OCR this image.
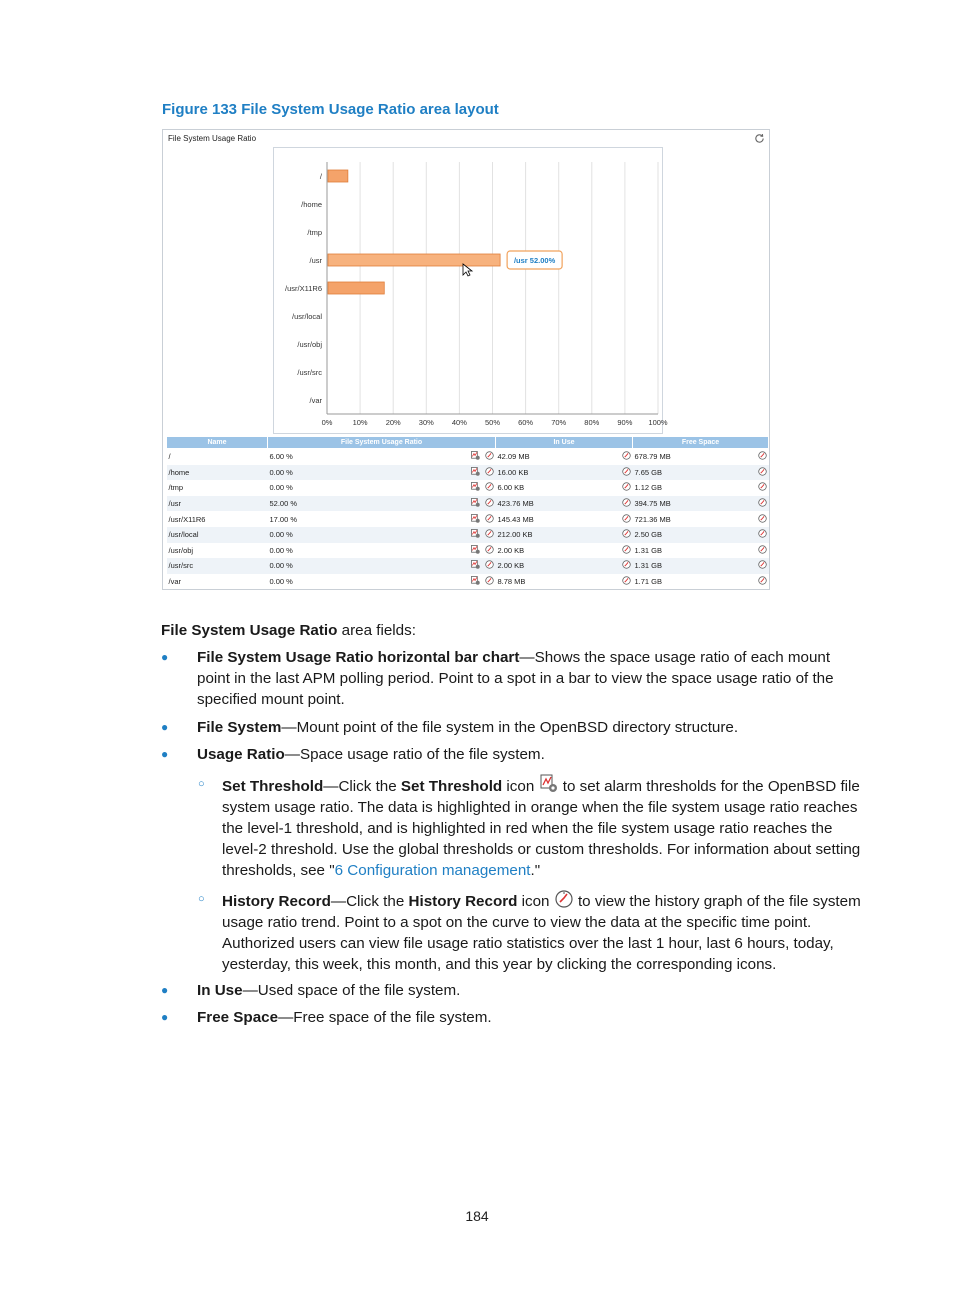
Figure 133 File System Usage Ratio area layout
File System Usage Ratio
0%	10% 20% 30% 40% 50% 60% 70% 80% 90% 100%
/
/home
/tmp
/usr
/usr/X11R6
/usr/local
/usr/obj
/usr/src
/var
/usr 52.00%
Name	File System Usage Ratio	In Use	Free Space
/	6.00 %	42.09 MB	678.79 MB

/home	0.00 %	16.00 KB	7.65 GB

/tmp	0.00 %	6.00 KB	1.12 GB

/usr	52.00 %	423.76 MB	394.75 MB

/usr/X11R6	17.00 %	145.43 MB	721.36 MB

/usr/local	0.00 %	212.00 KB	2.50 GB

/usr/obj	0.00 %	2.00 KB	1.31 GB

/usr/src	0.00 %	2.00 KB	1.31 GB

/var	0.00 %	8.78 MB	1.71 GB
File System Usage Ratio area fields:
●	File System Usage Ratio horizontal bar chart—Shows the space usage ratio of each mount point in the last APM polling period. Point to a spot in a bar to view the space usage ratio of the specified mount point.
●	File System—Mount point of the file system in the OpenBSD directory structure.
●	Usage Ratio—Space usage ratio of the file system.
○ Set Threshold—Click the Set Threshold icon  to set alarm thresholds for the OpenBSD file system usage ratio. The data is highlighted in orange when the file system usage ratio reaches the level-1 threshold, and is highlighted in red when the file system usage ratio reaches the level-2 threshold. Use the global thresholds or custom thresholds. For information about setting thresholds, see "6 Configuration management."
○ History Record—Click the History Record icon  to view the history graph of the file system usage ratio trend. Point to a spot on the curve to view the data at the specific time point. Authorized users can view file usage ratio statistics over the last 1 hour, last 6 hours, today, yesterday, this week, this month, and this year by clicking the corresponding icons.
●	In Use—Used space of the file system.
●	Free Space—Free space of the file system.
184
